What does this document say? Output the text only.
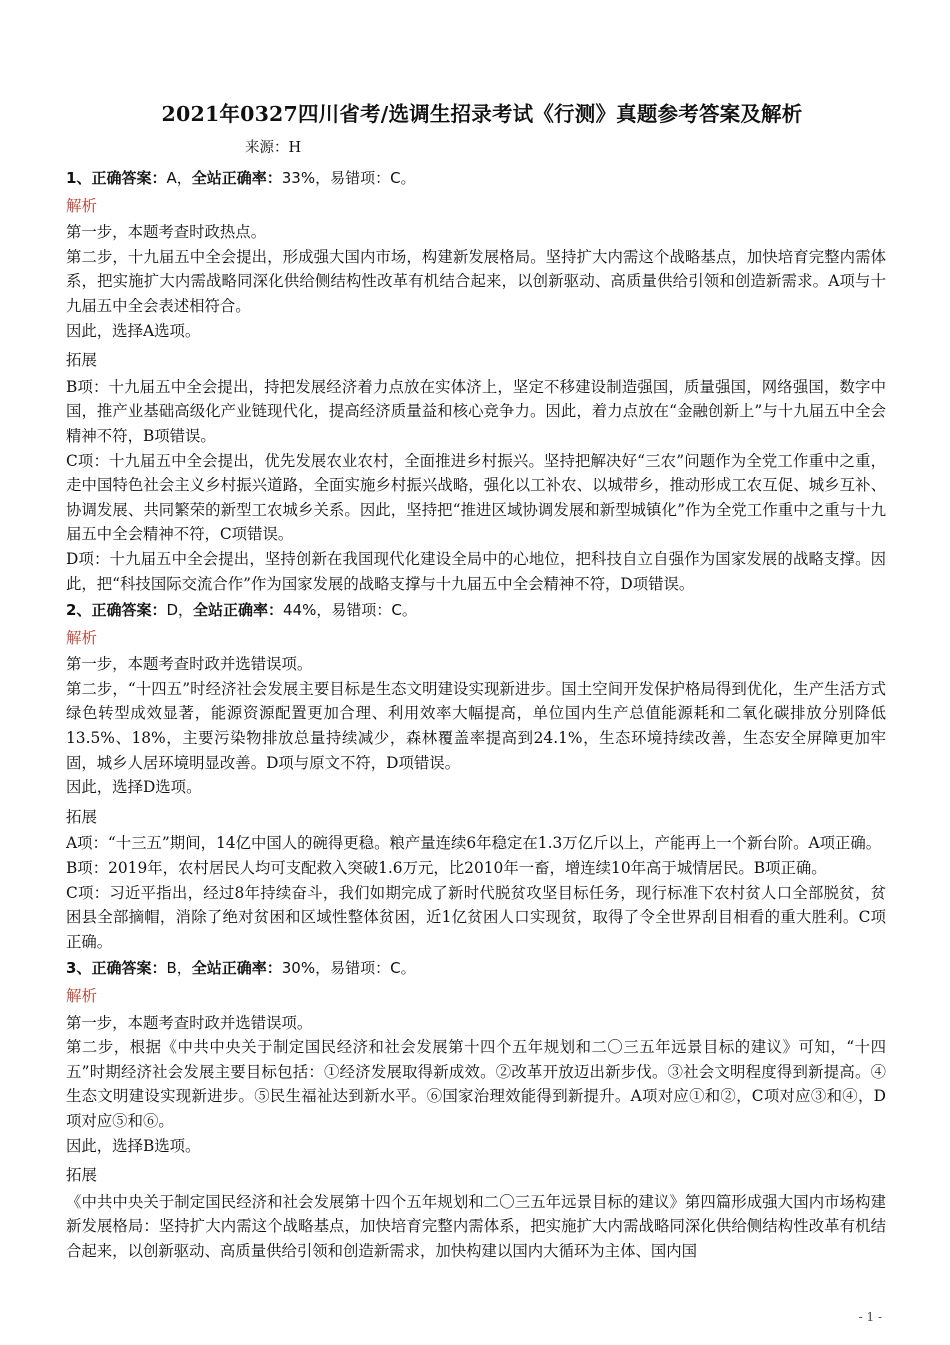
2021年0327四川省考/选调生招录考试《行测》真题参考答案及解析
来源：H

1、正确答案：A，全站正确率：33%，易错项：C。

解析

第一步，本题考查时政热点。

第二步，十九届五中全会提出，形成强大国内市场，构建新发展格局。坚持扩大内需这个战略基点，加快培育完整内需体系，把实施扩大内需战略同深化供给侧结构性改革有机结合起来，以创新驱动、高质量供给引领和创造新需求。A项与十九届五中全会表述相符合。

因此，选择A选项。

拓展

B项：十九届五中全会提出，持把发展经济着力点放在实体济上，坚定不移建设制造强国，质量强国，网络强国，数字中国，推产业基础高级化产业链现代化，提高经济质量益和核心竞争力。因此，着力点放在“金融创新上”与十九届五中全会精神不符，B项错误。

C项：十九届五中全会提出，优先发展农业农村，全面推进乡村振兴。坚持把解决好“三农”问题作为全党工作重中之重，走中国特色社会主义乡村振兴道路，全面实施乡村振兴战略，强化以工补农、以城带乡，推动形成工农互促、城乡互补、协调发展、共同繁荣的新型工农城乡关系。因此，坚持把“推进区域协调发展和新型城镇化”作为全党工作重中之重与十九届五中全会精神不符，C项错误。

D项：十九届五中全会提出，坚持创新在我国现代化建设全局中的心地位，把科技自立自强作为国家发展的战略支撑。因此，把“科技国际交流合作”作为国家发展的战略支撑与十九届五中全会精神不符，D项错误。

2、正确答案：D，全站正确率：44%，易错项：C。

解析

第一步，本题考查时政并选错误项。

第二步，“十四五”时经济社会发展主要目标是生态文明建设实现新进步。国土空间开发保护格局得到优化，生产生活方式绿色转型成效显著，能源资源配置更加合理、利用效率大幅提高，单位国内生产总值能源耗和二氧化碳排放分别降低13.5%、18%，主要污染物排放总量持续减少，森林覆盖率提高到24.1%，生态环境持续改善，生态安全屏障更加牢固，城乡人居环境明显改善。D项与原文不符，D项错误。

因此，选择D选项。

拓展

A项：“十三五”期间，14亿中国人的碗得更稳。粮产量连续6年稳定在1.3万亿斤以上，产能再上一个新台阶。A项正确。

B项：2019年，农村居民人均可支配救入突破1.6万元，比2010年一畜，增连续10年高于城情居民。B项正确。

C项：习近平指出，经过8年持续奋斗，我们如期完成了新时代脱贫攻坚目标任务，现行标准下农村贫人口全部脱贫，贫困县全部摘帽，消除了绝对贫困和区域性整体贫困，近1亿贫困人口实现贫，取得了令全世界刮目相看的重大胜利。C项正确。

3、正确答案：B，全站正确率：30%，易错项：C。

解析

第一步，本题考查时政并选错误项。

第二步，根据《中共中央关于制定国民经济和社会发展第十四个五年规划和二〇三五年远景目标的建议》可知，“十四五”时期经济社会发展主要目标包括：①经济发展取得新成效。②改革开放迈出新步伐。③社会文明程度得到新提高。④生态文明建设实现新进步。⑤民生福祉达到新水平。⑥国家治理效能得到新提升。A项对应①和②，C项对应③和④，D项对应⑤和⑥。

因此，选择B选项。

拓展

《中共中央关于制定国民经济和社会发展第十四个五年规划和二〇三五年远景目标的建议》第四篇形成强大国内市场构建新发展格局：坚持扩大内需这个战略基点，加快培育完整内需体系，把实施扩大内需战略同深化供给侧结构性改革有机结合起来，以创新驱动、高质量供给引领和创造新需求，加快构建以国内大循环为主体、国内国

- 1 -
